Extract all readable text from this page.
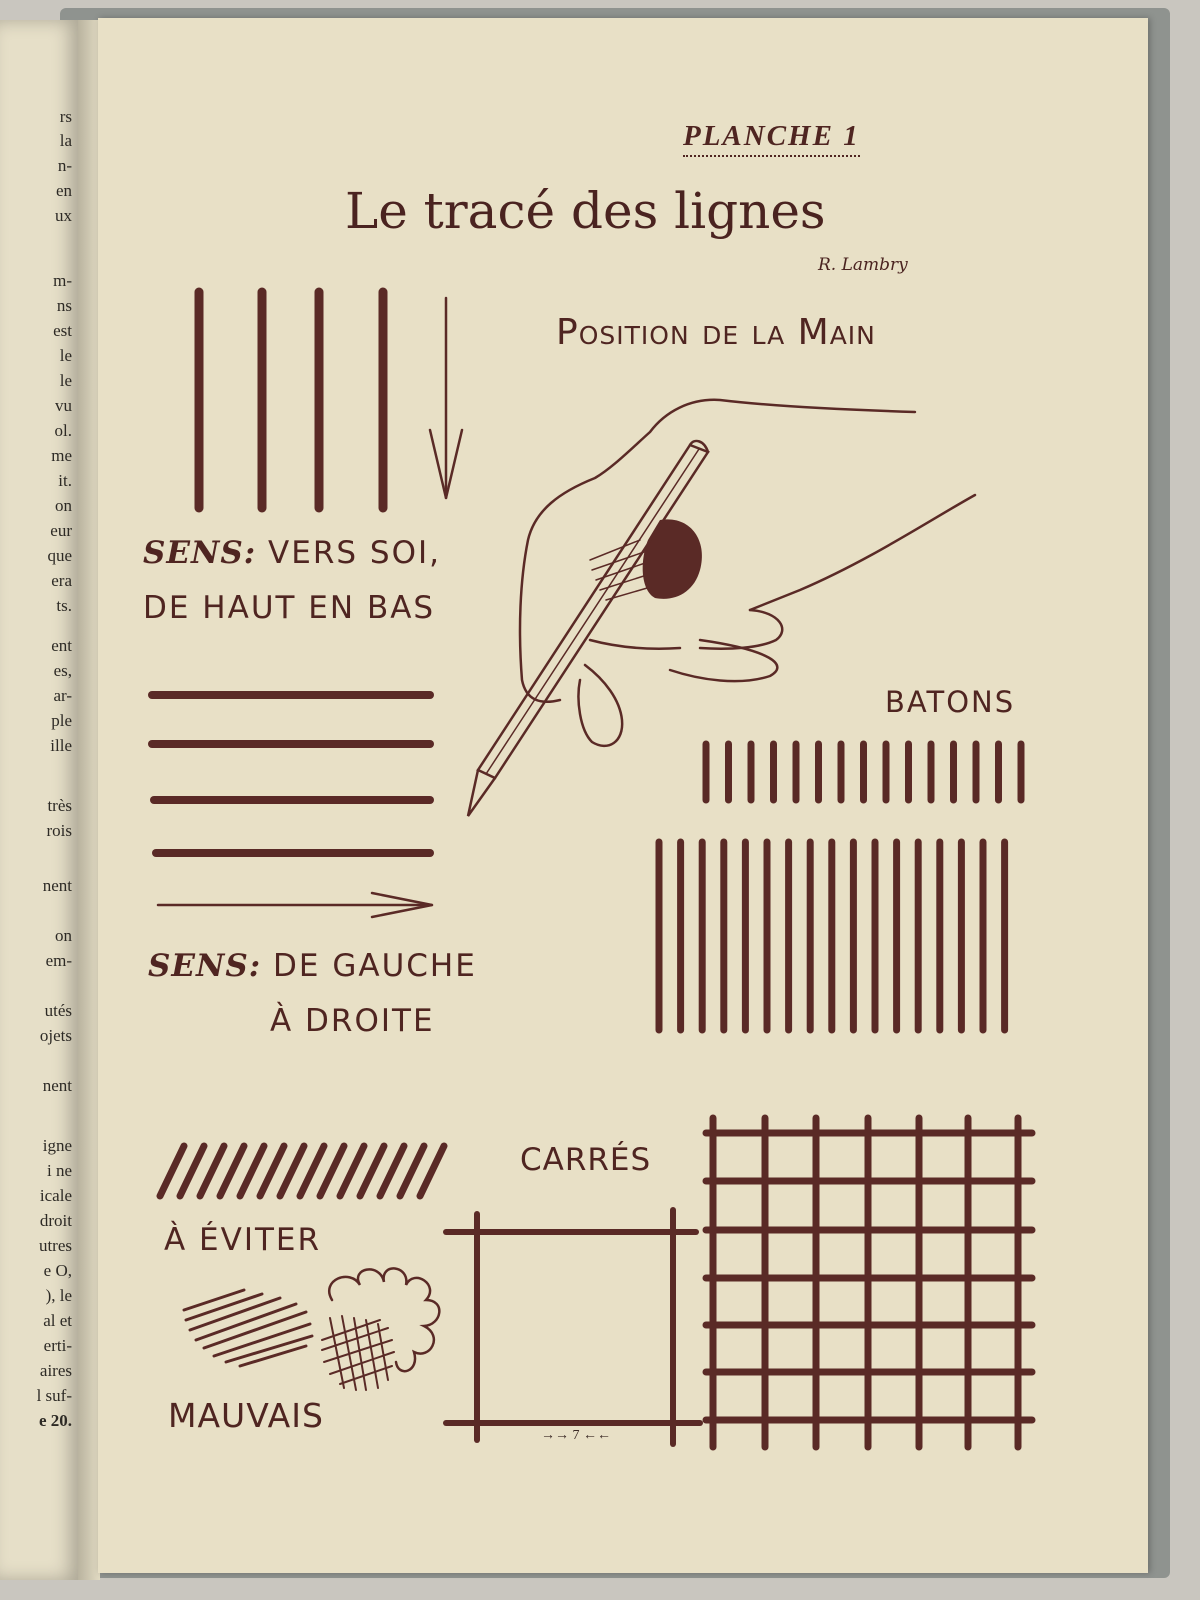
rs
la
n-
en
ux
m-
ns
est
le
le
vu
ol.
me
it.
on
eur
que
era
ts.
ent
es,
ar-
ple
ille
très
rois
nent
on
em-
utés
ojets
nent
igne
i ne
icale
droit
utres
e O,
), le
al et
erti-
aires
l suf-
e 20.
PLANCHE 1
Le tracé des lignes
R. Lambry
Position de la Main
SENS: VERS SOI,
DE HAUT EN BAS
SENS: DE GAUCHE
À DROITE
BATONS
CARRÉS
À ÉVITER
MAUVAIS
→→ 7 ←←
